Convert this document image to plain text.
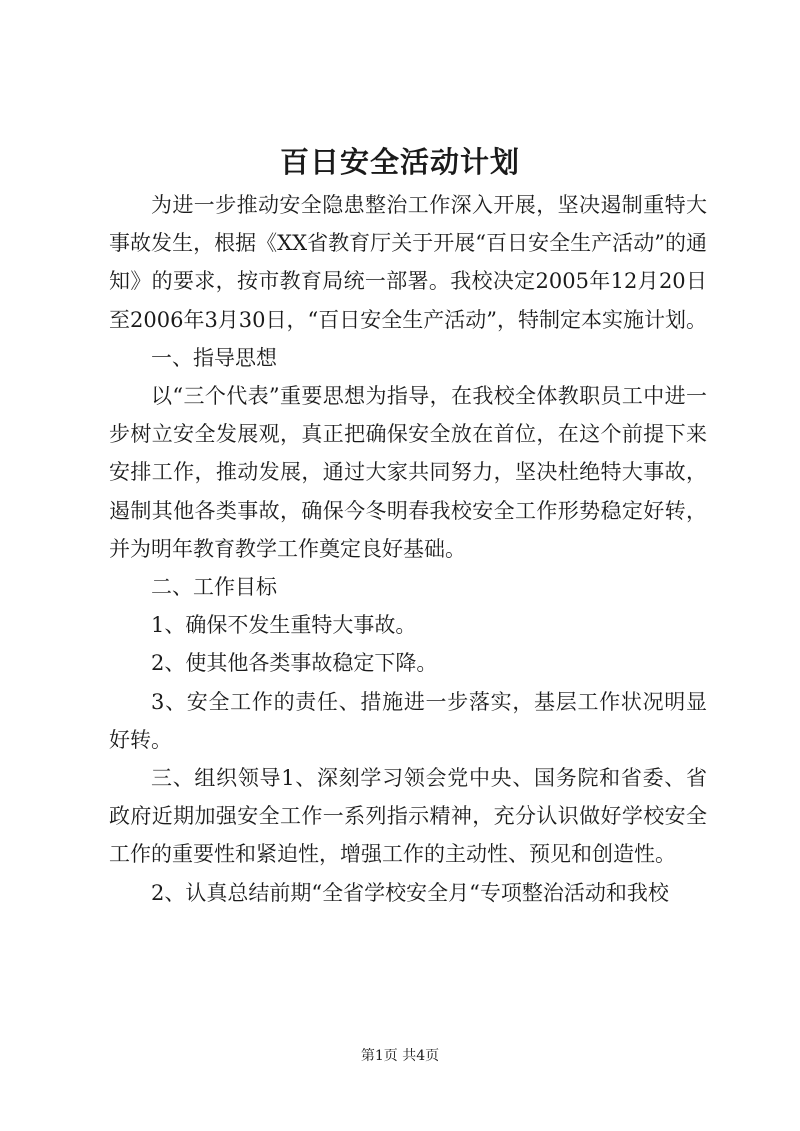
百日安全活动计划

为进一步推动安全隐患整治工作深入开展，坚决遏制重特大事故发生，根据《XX省教育厅关于开展“百日安全生产活动”的通知》的要求，按市教育局统一部署。我校决定2005年12月20日至2006年3月30日，“百日安全生产活动”，特制定本实施计划。

一、指导思想

以“三个代表”重要思想为指导，在我校全体教职员工中进一步树立安全发展观，真正把确保安全放在首位，在这个前提下来安排工作，推动发展，通过大家共同努力，坚决杜绝特大事故，遏制其他各类事故，确保今冬明春我校安全工作形势稳定好转，并为明年教育教学工作奠定良好基础。

二、工作目标

1、确保不发生重特大事故。

2、使其他各类事故稳定下降。

3、安全工作的责任、措施进一步落实，基层工作状况明显好转。

三、组织领导1、深刻学习领会党中央、国务院和省委、省政府近期加强安全工作一系列指示精神，充分认识做好学校安全工作的重要性和紧迫性，增强工作的主动性、预见和创造性。

2、认真总结前期“全省学校安全月“专项整治活动和我校

第1页 共4页
